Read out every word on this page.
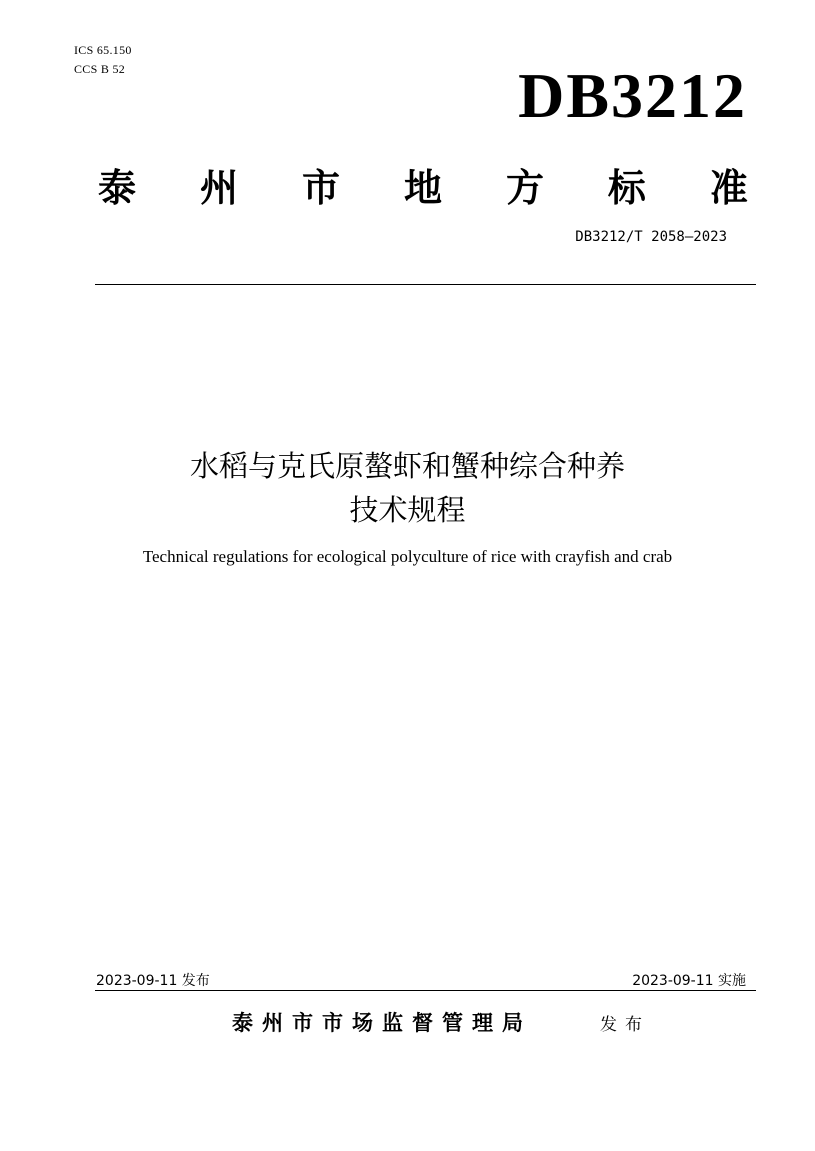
ICS 65.150
CCS B 52	DB3212
泰 州 市 地 方 标 准
DB3212/T 2058—2023
水稻与克氏原螯虾和蟹种综合种养
技术规程
Technical regulations for ecological polyculture of rice with crayfish and crab
2023-09-11 发布	2023-09-11 实施
泰州市市场监督管理局	发布
